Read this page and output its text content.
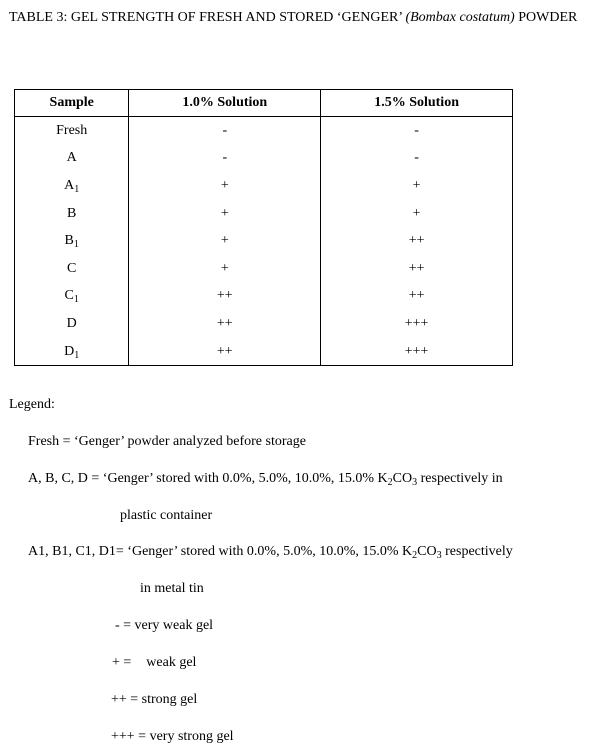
TABLE 3: GEL STRENGTH OF FRESH AND STORED ‘GENGER’ (Bombax costatum) POWDER
Sample	1.0% Solution	1.5% Solution
Fresh	-	-
A	-	-
$A_1$	+	+
B	+	+
$B_1$	+	++
C	+	++
$C_1$	++	++
D	++	+++
$D_1$	++	+++
Legend:
Fresh = ‘Genger’ powder analyzed before storage
A, B, C, D = ‘Genger’ stored with 0.0%, 5.0%, 10.0%, 15.0% $K_2CO_3$ respectively in
plastic container
A1, B1, C1, D1= ‘Genger’ stored with 0.0%, 5.0%, 10.0%, 15.0% $K_2CO_3$ respectively
in metal tin
- = very weak gel
+ = weak gel
++ = strong gel
+++ = very strong gel
